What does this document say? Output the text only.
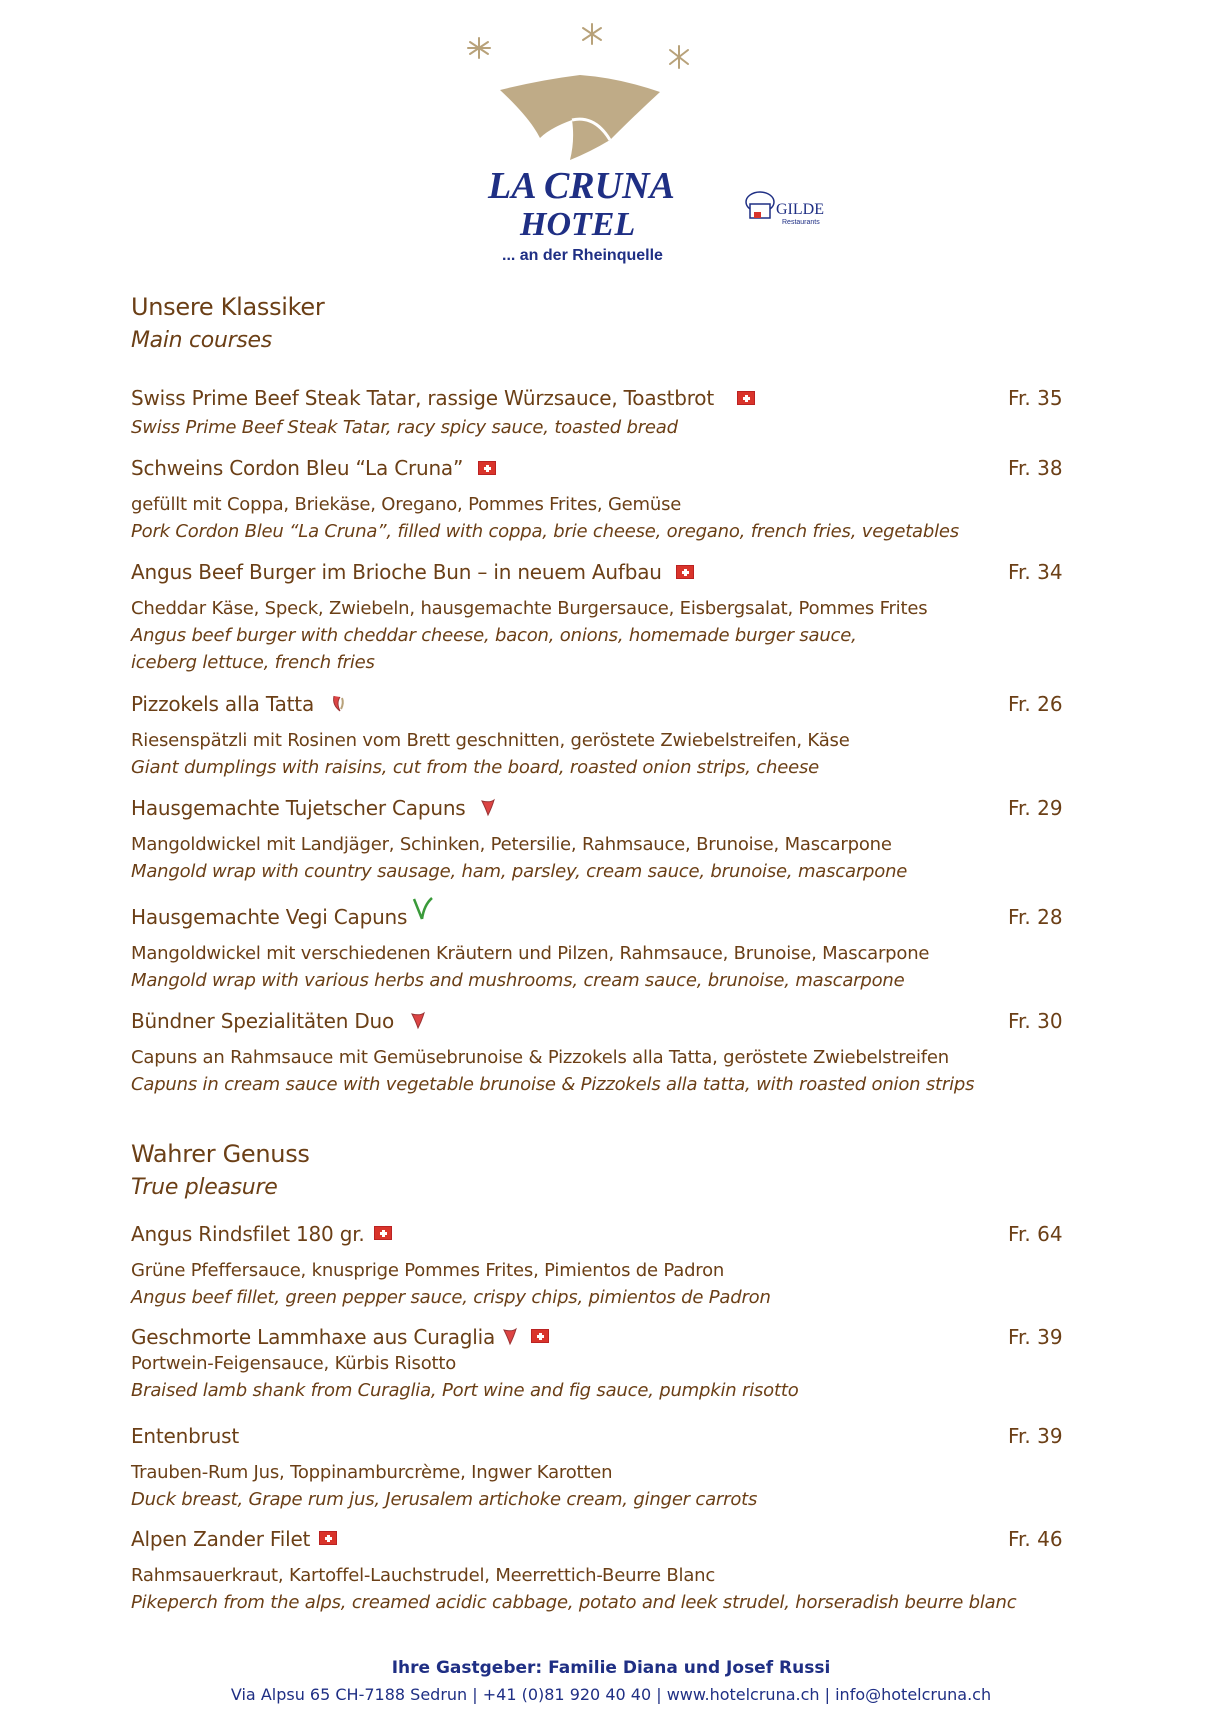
LA CRUNA
HOTEL
... an der Rheinquelle
GILDE
Restaurants
Unsere Klassiker
Main courses
Swiss Prime Beef Steak Tatar, rassige Würzsauce, Toastbrot	Fr. 35
Swiss Prime Beef Steak Tatar, racy spicy sauce, toasted bread
Schweins Cordon Bleu “La Cruna”	Fr. 38
gefüllt mit Coppa, Briekäse, Oregano, Pommes Frites, Gemüse
Pork Cordon Bleu “La Cruna”, filled with coppa, brie cheese, oregano, french fries, vegetables
Angus Beef Burger im Brioche Bun – in neuem Aufbau	Fr. 34
Cheddar Käse, Speck, Zwiebeln, hausgemachte Burgersauce, Eisbergsalat, Pommes Frites
Angus beef burger with cheddar cheese, bacon, onions, homemade burger sauce,
iceberg lettuce, french fries
Pizzokels alla Tatta	Fr. 26
Riesenspätzli mit Rosinen vom Brett geschnitten, geröstete Zwiebelstreifen, Käse
Giant dumplings with raisins, cut from the board, roasted onion strips, cheese
Hausgemachte Tujetscher Capuns	Fr. 29
Mangoldwickel mit Landjäger, Schinken, Petersilie, Rahmsauce, Brunoise, Mascarpone
Mangold wrap with country sausage, ham, parsley, cream sauce, brunoise, mascarpone
Hausgemachte Vegi Capuns	Fr. 28
Mangoldwickel mit verschiedenen Kräutern und Pilzen, Rahmsauce, Brunoise, Mascarpone
Mangold wrap with various herbs and mushrooms, cream sauce, brunoise, mascarpone
Bündner Spezialitäten Duo	Fr. 30
Capuns an Rahmsauce mit Gemüsebrunoise & Pizzokels alla Tatta, geröstete Zwiebelstreifen
Capuns in cream sauce with vegetable brunoise & Pizzokels alla tatta, with roasted onion strips
Wahrer Genuss
True pleasure
Angus Rindsfilet 180 gr.	Fr. 64
Grüne Pfeffersauce, knusprige Pommes Frites, Pimientos de Padron
Angus beef fillet, green pepper sauce, crispy chips, pimientos de Padron
Geschmorte Lammhaxe aus Curaglia	Fr. 39
Portwein-Feigensauce, Kürbis Risotto
Braised lamb shank from Curaglia, Port wine and fig sauce, pumpkin risotto
Entenbrust	Fr. 39
Trauben-Rum Jus, Toppinamburcrème, Ingwer Karotten
Duck breast, Grape rum jus, Jerusalem artichoke cream, ginger carrots
Alpen Zander Filet	Fr. 46
Rahmsauerkraut, Kartoffel-Lauchstrudel, Meerrettich-Beurre Blanc
Pikeperch from the alps, creamed acidic cabbage, potato and leek strudel, horseradish beurre blanc
Ihre Gastgeber: Familie Diana und Josef Russi
Via Alpsu 65 CH-7188 Sedrun | +41 (0)81 920 40 40 | www.hotelcruna.ch | info@hotelcruna.ch
